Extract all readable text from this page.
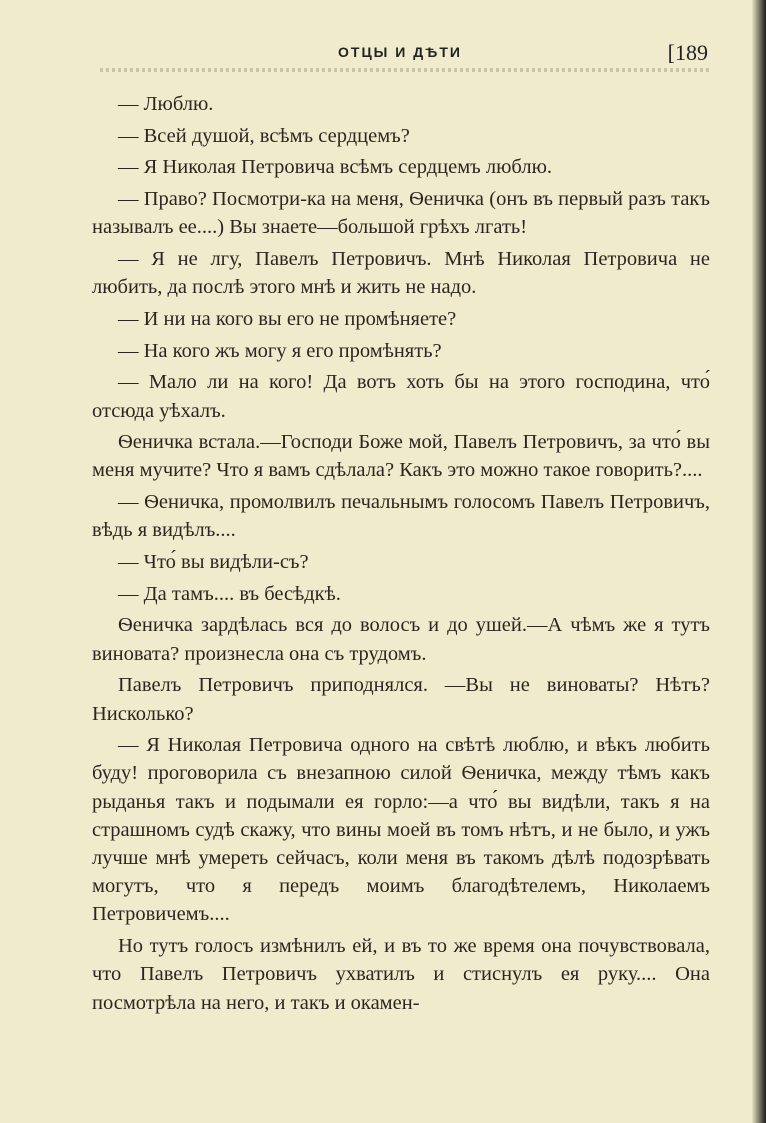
ОТЦЫ И ДѢТИ	[189

— Люблю.

— Всей душой, всѣмъ сердцемъ?

— Я Николая Петровича всѣмъ сердцемъ люблю.

— Право? Посмотри-ка на меня, Ѳеничка (онъ въ первый разъ такъ называлъ ее....) Вы знаете—большой грѣхъ лгать!

— Я не лгу, Павелъ Петровичъ. Мнѣ Николая Петровича не любить, да послѣ этого мнѣ и жить не надо.

— И ни на кого вы его не промѣняете?

— На кого жъ могу я его промѣнять?

— Мало ли на кого! Да вотъ хоть бы на этого господина, что́ отсюда уѣхалъ.

Ѳеничка встала.—Господи Боже мой, Павелъ Петровичъ, за что́ вы меня мучите? Что я вамъ сдѣлала? Какъ это можно такое говорить?....

— Ѳеничка, промолвилъ печальнымъ голосомъ Павелъ Петровичъ, вѣдь я видѣлъ....

— Что́ вы видѣли-съ?

— Да тамъ.... въ бесѣдкѣ.

Ѳеничка зардѣлась вся до волосъ и до ушей.—А чѣмъ же я тутъ виновата? произнесла она съ трудомъ.

Павелъ Петровичъ приподнялся. —Вы не виноваты? Нѣтъ? Нисколько?

— Я Николая Петровича одного на свѣтѣ люблю, и вѣкъ любить буду! проговорила съ внезапною силой Ѳеничка, между тѣмъ какъ рыданья такъ и подымали ея горло:—а что́ вы видѣли, такъ я на страшномъ судѣ скажу, что вины моей въ томъ нѣтъ, и не было, и ужъ лучше мнѣ умереть сейчасъ, коли меня въ такомъ дѣлѣ подозрѣвать могутъ, что я передъ моимъ благодѣтелемъ, Николаемъ Петровичемъ....

Но тутъ голосъ измѣнилъ ей, и въ то же время она почувствовала, что Павелъ Петровичъ ухватилъ и стиснулъ ея руку.... Она посмотрѣла на него, и такъ и окамен-
